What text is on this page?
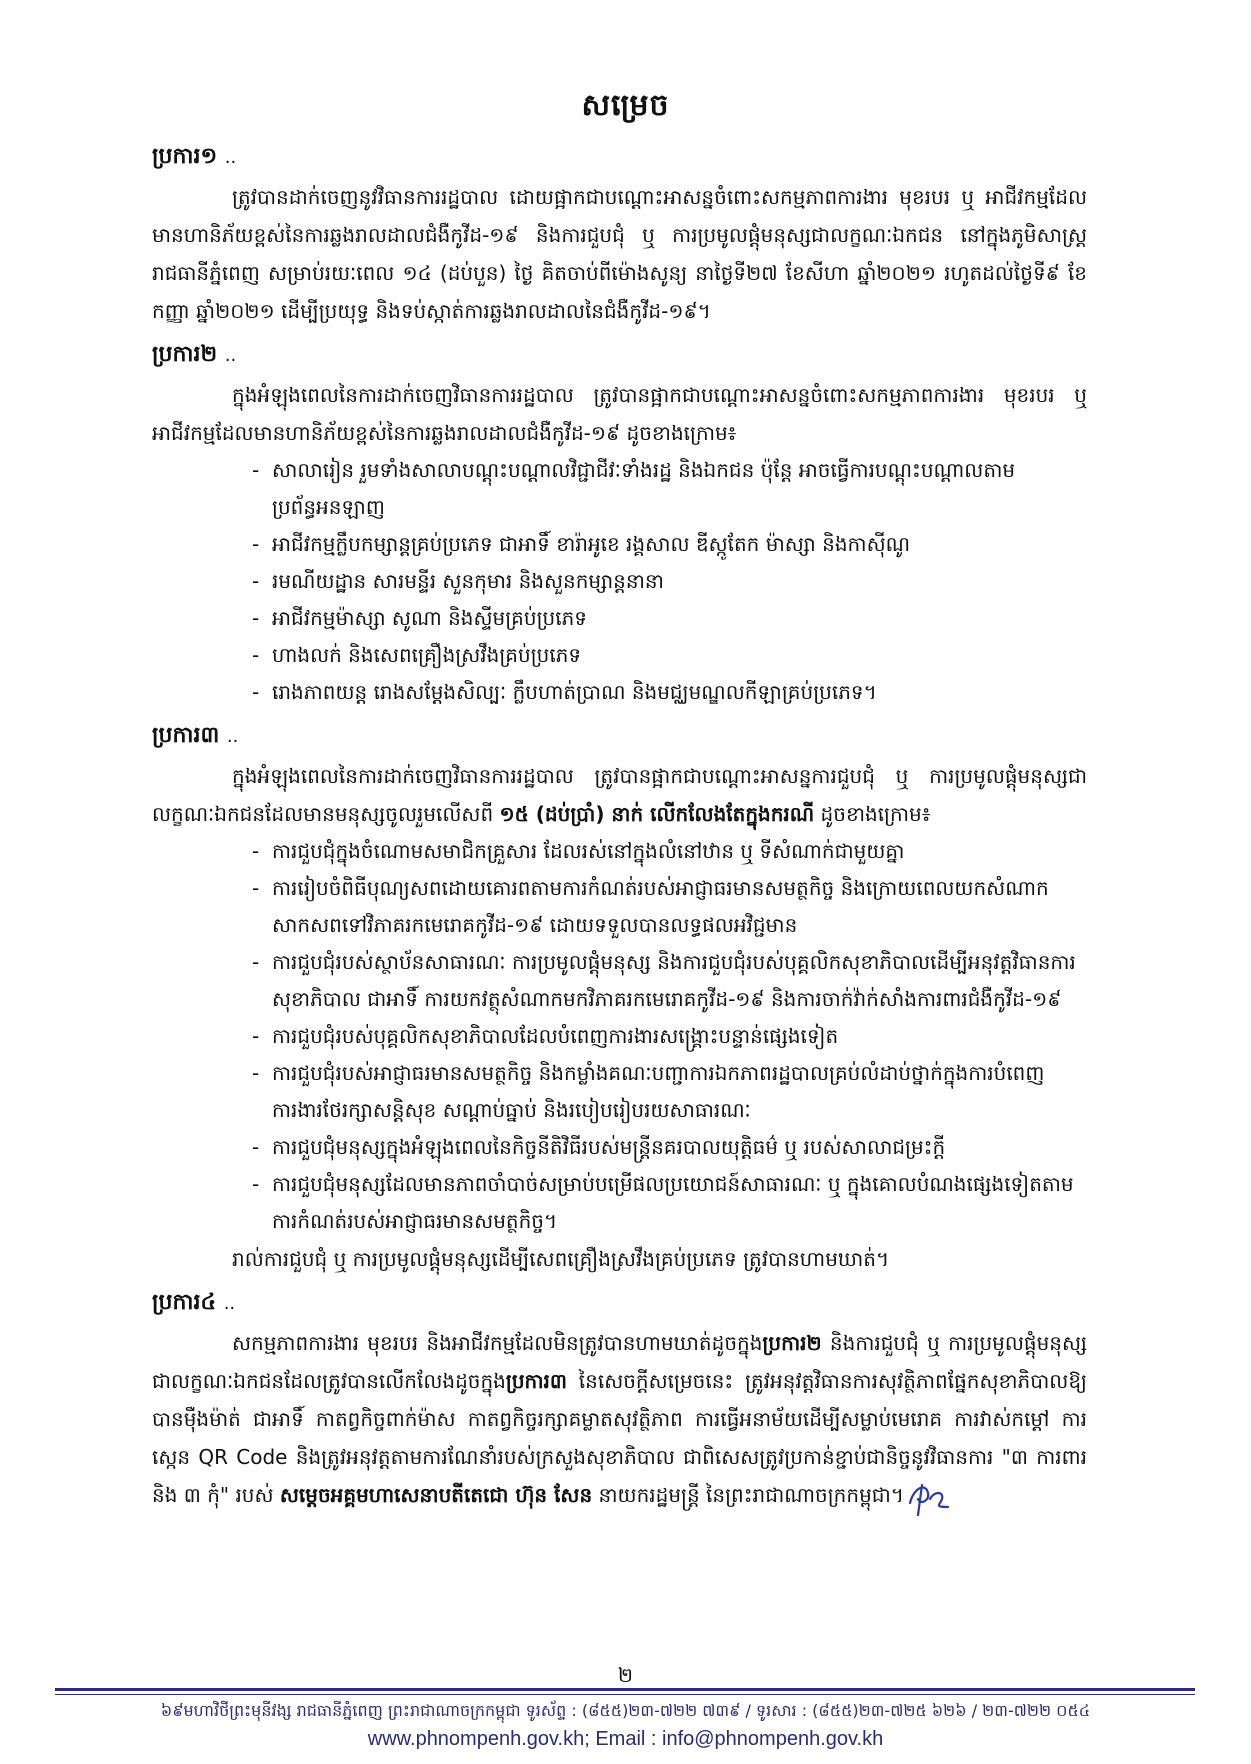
សម្រេច
ប្រការ១ ..

ត្រូវបានដាក់ចេញនូវវិធានការរដ្ឋបាល ដោយផ្អាកជាបណ្ដោះអាសន្នចំពោះសកម្មភាពការងារ មុខរបរ ឬ អាជីវកម្មដែលមានហានិភ័យខ្ពស់នៃការឆ្លងរាលដាលជំងឺកូវីដ-១៩ និងការជួបជុំ ឬ ការប្រមូលផ្ដុំមនុស្សជាលក្ខណៈឯកជន នៅក្នុងភូមិសាស្ត្ររាជធានីភ្នំពេញ សម្រាប់រយៈពេល ១៤ (ដប់បួន) ថ្ងៃ គិតចាប់ពីម៉ោងសូន្យ នាថ្ងៃទី២៧ ខែសីហា ឆ្នាំ២០២១ រហូតដល់ថ្ងៃទី៩ ខែកញ្ញា ឆ្នាំ២០២១ ដើម្បីប្រយុទ្ធ និងទប់ស្កាត់ការឆ្លងរាលដាលនៃជំងឺកូវីដ-១៩។

ប្រការ២ ..

ក្នុងអំឡុងពេលនៃការដាក់ចេញវិធានការរដ្ឋបាល ត្រូវបានផ្អាកជាបណ្ដោះអាសន្នចំពោះសកម្មភាពការងារ មុខរបរ ឬ អាជីវកម្មដែលមានហានិភ័យខ្ពស់នៃការឆ្លងរាលដាលជំងឺកូវីដ-១៩ ដូចខាងក្រោម៖

- សាលារៀន រួមទាំងសាលាបណ្ដុះបណ្ដាលវិជ្ជាជីវៈទាំងរដ្ឋ និងឯកជន ប៉ុន្តែ អាចធ្វើការបណ្ដុះបណ្ដាលតាមប្រព័ន្ធអនឡាញ
- អាជីវកម្មក្លឹបកម្សាន្តគ្រប់ប្រភេទ ជាអាទិ៍ ខារ៉ាអូខេ រង្គសាល ឌីស្កូតែក ម៉ាស្សា និងកាស៊ីណូ
- រមណីយដ្ឋាន សារមន្ទីរ សួនកុមារ និងសួនកម្សាន្តនានា
- អាជីវកម្មម៉ាស្សា សូណា និងស្ទីមគ្រប់ប្រភេទ
- ហាងលក់ និងសេពគ្រឿងស្រវឹងគ្រប់ប្រភេទ
- រោងភាពយន្ត រោងសម្ដែងសិល្បៈ ក្លឹបហាត់ប្រាណ និងមជ្ឈមណ្ឌលកីឡាគ្រប់ប្រភេទ។
ប្រការ៣ ..

ក្នុងអំឡុងពេលនៃការដាក់ចេញវិធានការរដ្ឋបាល ត្រូវបានផ្អាកជាបណ្ដោះអាសន្នការជួបជុំ ឬ ការប្រមូលផ្ដុំមនុស្សជាលក្ខណៈឯកជនដែលមានមនុស្សចូលរួមលើសពី ១៥ (ដប់ប្រាំ) នាក់ លើកលែងតែក្នុងករណី ដូចខាងក្រោម៖

- ការជួបជុំក្នុងចំណោមសមាជិកគ្រួសារ ដែលរស់នៅក្នុងលំនៅឋាន ឬ ទីសំណាក់ជាមួយគ្នា
- ការរៀបចំពិធីបុណ្យសពដោយគោរពតាមការកំណត់របស់អាជ្ញាធរមានសមត្ថកិច្ច និងក្រោយពេលយកសំណាកសាកសពទៅវិភាគរកមេរោគកូវីដ-១៩ ដោយទទួលបានលទ្ធផលអវិជ្ជមាន
- ការជួបជុំរបស់ស្ថាប័នសាធារណៈ ការប្រមូលផ្ដុំមនុស្ស និងការជួបជុំរបស់បុគ្គលិកសុខាភិបាលដើម្បីអនុវត្តវិធានការសុខាភិបាល ជាអាទិ៍ ការយកវត្ថុសំណាកមកវិភាគរកមេរោគកូវីដ-១៩ និងការចាក់វ៉ាក់សាំងការពារជំងឺកូវីដ-១៩
- ការជួបជុំរបស់បុគ្គលិកសុខាភិបាលដែលបំពេញការងារសង្គ្រោះបន្ទាន់ផ្សេងទៀត
- ការជួបជុំរបស់អាជ្ញាធរមានសមត្ថកិច្ច និងកម្លាំងគណៈបញ្ជាការឯកភាពរដ្ឋបាលគ្រប់លំដាប់ថ្នាក់ក្នុងការបំពេញការងារថែរក្សាសន្តិសុខ សណ្ដាប់ធ្នាប់ និងរបៀបរៀបរយសាធារណៈ
- ការជួបជុំមនុស្សក្នុងអំឡុងពេលនៃកិច្ចនីតិវិធីរបស់មន្ត្រីនគរបាលយុត្តិធម៌ ឬ របស់សាលាជម្រះក្តី
- ការជួបជុំមនុស្សដែលមានភាពចាំបាច់សម្រាប់បម្រើផលប្រយោជន៍សាធារណៈ ឬ ក្នុងគោលបំណងផ្សេងទៀតតាមការកំណត់របស់អាជ្ញាធរមានសមត្ថកិច្ច។

រាល់ការជួបជុំ ឬ ការប្រមូលផ្ដុំមនុស្សដើម្បីសេពគ្រឿងស្រវឹងគ្រប់ប្រភេទ ត្រូវបានហាមឃាត់។

ប្រការ៤ ..

សកម្មភាពការងារ មុខរបរ និងអាជីវកម្មដែលមិនត្រូវបានហាមឃាត់ដូចក្នុងប្រការ២ និងការជួបជុំ ឬ ការប្រមូលផ្ដុំមនុស្សជាលក្ខណៈឯកជនដែលត្រូវបានលើកលែងដូចក្នុងប្រការ៣ នៃសេចក្ដីសម្រេចនេះ ត្រូវអនុវត្តវិធានការសុវត្ថិភាពផ្នែកសុខាភិបាលឱ្យបានម៉ឺងម៉ាត់ ជាអាទិ៍ កាតព្វកិច្ចពាក់ម៉ាស កាតព្វកិច្ចរក្សាគម្លាតសុវត្ថិភាព ការធ្វើអនាម័យដើម្បីសម្លាប់មេរោគ ការវាស់កម្ដៅ ការស្កេន QR Code និងត្រូវអនុវត្តតាមការណែនាំរបស់ក្រសួងសុខាភិបាល ជាពិសេសត្រូវប្រកាន់ខ្ជាប់ជានិច្ចនូវវិធានការ "៣ ការពារ និង ៣ កុំ" របស់ សម្តេចអគ្គមហាសេនាបតីតេជោ ហ៊ុន សែន នាយករដ្ឋមន្ត្រី នៃព្រះរាជាណាចក្រកម្ពុជា។

២
៦៩មហាវិថីព្រះមុនីវង្ស រាជធានីភ្នំពេញ ព្រះរាជាណាចក្រកម្ពុជា ទូរស័ព្ទ : (៨៥៥)២៣-៧២២ ៧៣៩ / ទូរសារ : (៨៥៥)២៣-៧២៥ ៦២៦ / ២៣-៧២២ ០៥៤
www.phnompenh.gov.kh; Email : info@phnompenh.gov.kh
